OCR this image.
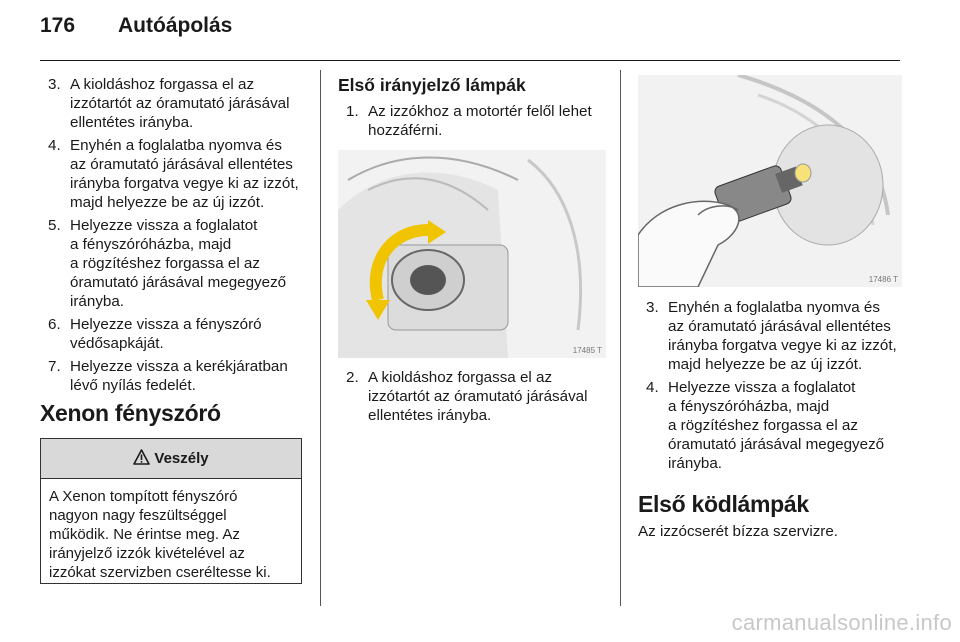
176 Autóápolás
3. A kioldáshoz forgassa el az
izzótartót az óramutató járásával
ellentétes irányba.
4. Enyhén a foglalatba nyomva és
az óramutató járásával ellentétes
irányba forgatva vegye ki az izzót,
majd helyezze be az új izzót.
5. Helyezze vissza a foglalatot
a fényszóróházba, majd
a rögzítéshez forgassa el az
óramutató járásával megegyező
irányba.
6. Helyezze vissza a fényszóró
védősapkáját.
7. Helyezze vissza a kerékjáratban
lévő nyílás fedelét.
Xenon fényszóró
Veszély
A Xenon tompított fényszóró
nagyon nagy feszültséggel
működik. Ne érintse meg. Az
irányjelző izzók kivételével az
izzókat szervizben cseréltesse ki.
Első irányjelző lámpák
1. Az izzókhoz a motortér felől lehet
hozzáférni.
17485 T
2. A kioldáshoz forgassa el az
izzótartót az óramutató járásával
ellentétes irányba.
17486 T
3. Enyhén a foglalatba nyomva és
az óramutató járásával ellentétes
irányba forgatva vegye ki az izzót,
majd helyezze be az új izzót.
4. Helyezze vissza a foglalatot
a fényszóróházba, majd
a rögzítéshez forgassa el az
óramutató járásával megegyező
irányba.
Első ködlámpák
Az izzócserét bízza szervizre.
carmanualsonline.info
